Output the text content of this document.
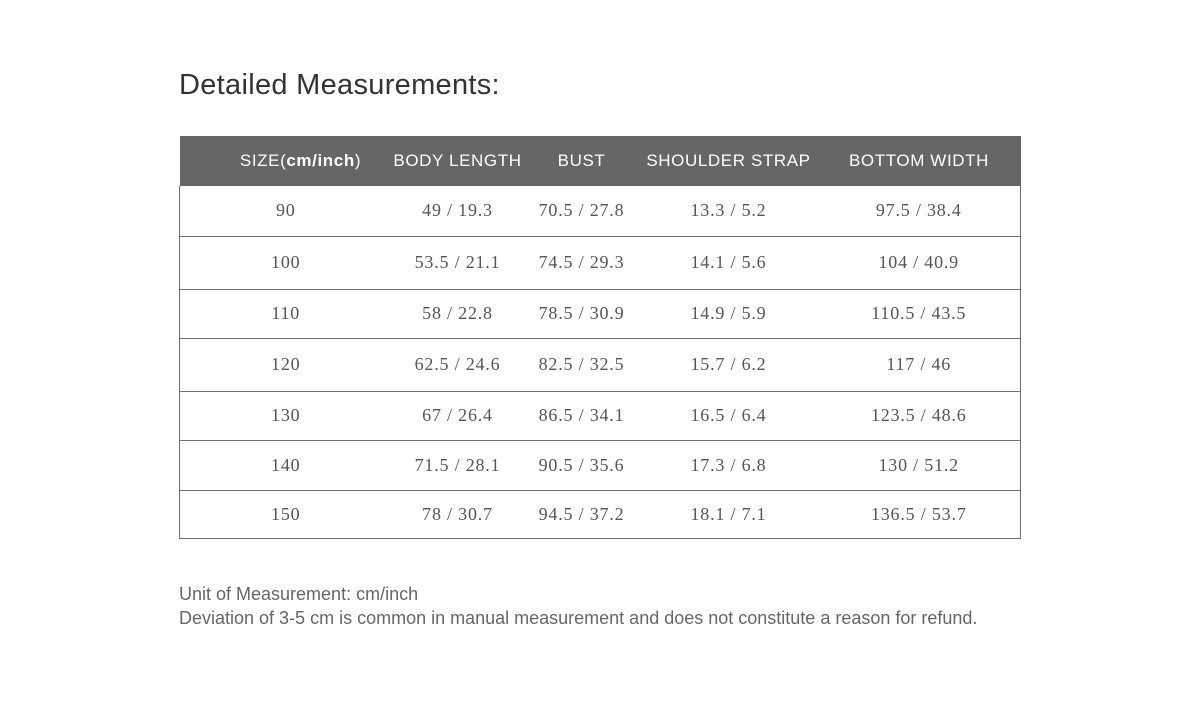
Detailed Measurements:
SIZE(cm/inch)	BODY LENGTH	BUST	SHOULDER STRAP	BOTTOM WIDTH
90	49 / 19.3	70.5 / 27.8	13.3 / 5.2	97.5 / 38.4
100	53.5 / 21.1	74.5 / 29.3	14.1 / 5.6	104 / 40.9
110	58 / 22.8	78.5 / 30.9	14.9 / 5.9	110.5 / 43.5
120	62.5 / 24.6	82.5 / 32.5	15.7 / 6.2	117 / 46
130	67 / 26.4	86.5 / 34.1	16.5 / 6.4	123.5 / 48.6
140	71.5 / 28.1	90.5 / 35.6	17.3 / 6.8	130 / 51.2
150	78 / 30.7	94.5 / 37.2	18.1 / 7.1	136.5 / 53.7

Unit of Measurement: cm/inch

Deviation of 3-5 cm is common in manual measurement and does not constitute a reason for refund.
